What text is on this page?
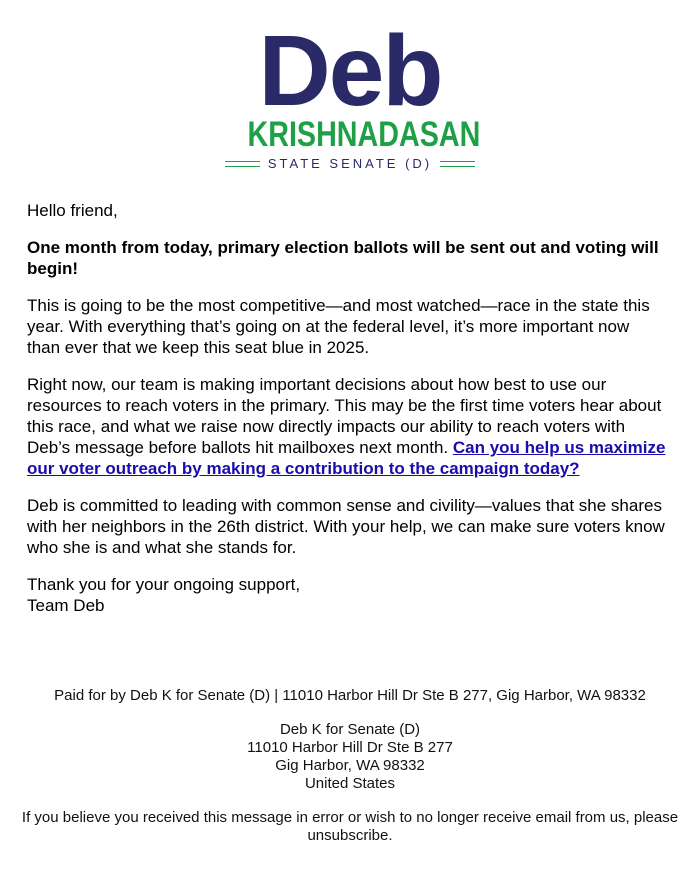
Deb
KRISHNADASAN
STATE SENATE (D)

Hello friend,

One month from today, primary election ballots will be sent out and voting will begin!

This is going to be the most competitive—and most watched—race in the state this year. With everything that’s going on at the federal level, it’s more important now than ever that we keep this seat blue in 2025.

Right now, our team is making important decisions about how best to use our resources to reach voters in the primary. This may be the first time voters hear about this race, and what we raise now directly impacts our ability to reach voters with Deb’s message before ballots hit mailboxes next month. Can you help us maximize our voter outreach by making a contribution to the campaign today?

Deb is committed to leading with common sense and civility—values that she shares with her neighbors in the 26th district. With your help, we can make sure voters know who she is and what she stands for.

Thank you for your ongoing support,
Team Deb

Paid for by Deb K for Senate (D) | 11010 Harbor Hill Dr Ste B 277, Gig Harbor, WA 98332
Deb K for Senate (D)
11010 Harbor Hill Dr Ste B 277
Gig Harbor, WA 98332
United States
If you believe you received this message in error or wish to no longer receive email from us, please unsubscribe.
